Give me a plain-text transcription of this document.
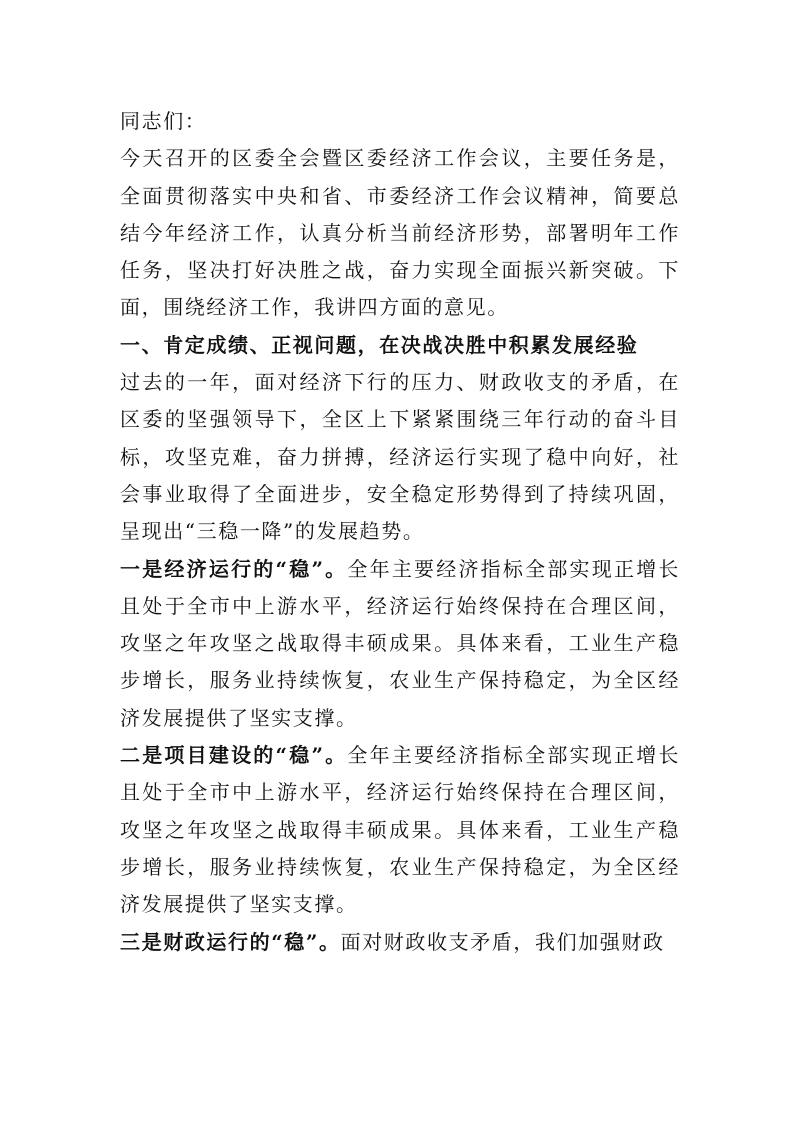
同志们：

今天召开的区委全会暨区委经济工作会议，主要任务是，全面贯彻落实中央和省、市委经济工作会议精神，简要总结今年经济工作，认真分析当前经济形势，部署明年工作任务，坚决打好决胜之战，奋力实现全面振兴新突破。下面，围绕经济工作，我讲四方面的意见。

一、肯定成绩、正视问题，在决战决胜中积累发展经验

过去的一年，面对经济下行的压力、财政收支的矛盾，在区委的坚强领导下，全区上下紧紧围绕三年行动的奋斗目标，攻坚克难，奋力拼搏，经济运行实现了稳中向好，社会事业取得了全面进步，安全稳定形势得到了持续巩固，呈现出“三稳一降”的发展趋势。

一是经济运行的“稳”。全年主要经济指标全部实现正增长且处于全市中上游水平，经济运行始终保持在合理区间，攻坚之年攻坚之战取得丰硕成果。具体来看，工业生产稳步增长，服务业持续恢复，农业生产保持稳定，为全区经济发展提供了坚实支撑。

二是项目建设的“稳”。全年主要经济指标全部实现正增长且处于全市中上游水平，经济运行始终保持在合理区间，攻坚之年攻坚之战取得丰硕成果。具体来看，工业生产稳步增长，服务业持续恢复，农业生产保持稳定，为全区经济发展提供了坚实支撑。

三是财政运行的“稳”。面对财政收支矛盾，我们加强财政
